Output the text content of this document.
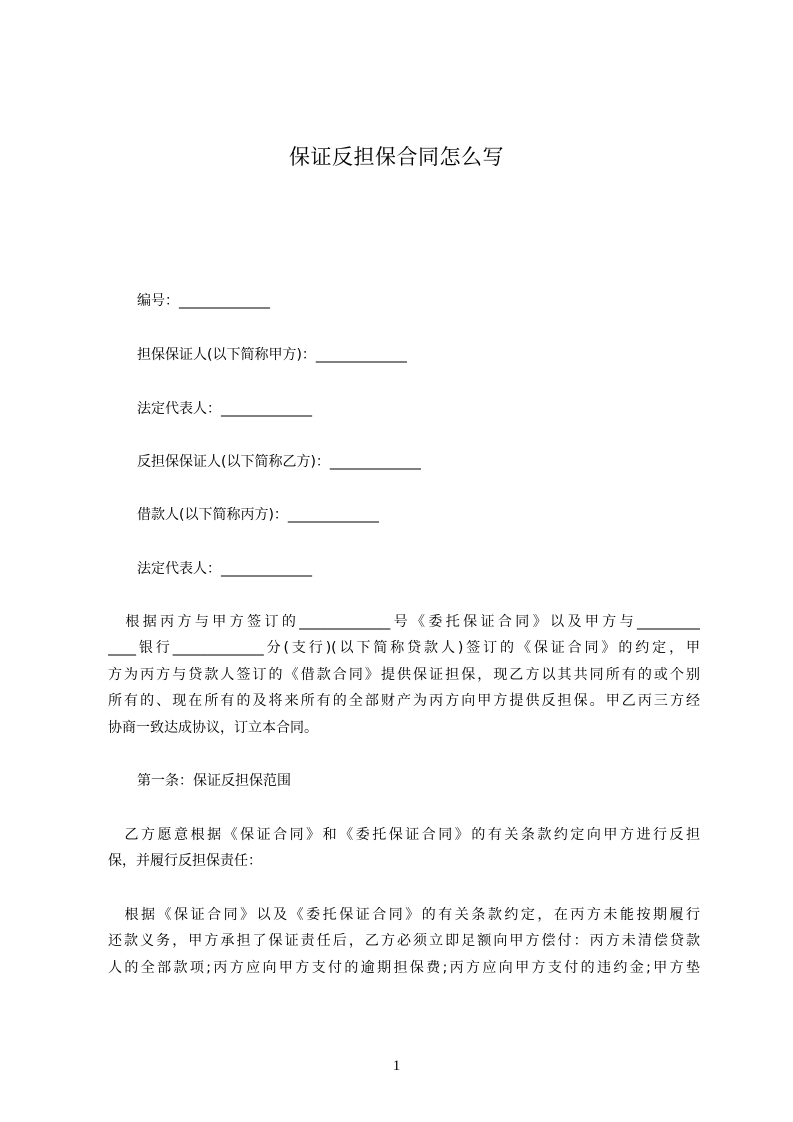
保证反担保合同怎么写
编号：_____________
担保保证人(以下简称甲方)：_____________
法定代表人：_____________
反担保保证人(以下简称乙方)：_____________
借款人(以下简称丙方)：_____________
法定代表人：_____________
　根据丙方与甲方签订的_____________号《委托保证合同》以及甲方与_________
____银行_____________分(支行)(以下简称贷款人)签订的《保证合同》的约定，甲
方为丙方与贷款人签订的《借款合同》提供保证担保，现乙方以其共同所有的或个别
所有的、现在所有的及将来所有的全部财产为丙方向甲方提供反担保。甲乙丙三方经
协商一致达成协议，订立本合同。
第一条：保证反担保范围
　乙方愿意根据《保证合同》和《委托保证合同》的有关条款约定向甲方进行反担
保，并履行反担保责任：
　根据《保证合同》以及《委托保证合同》的有关条款约定，在丙方未能按期履行
还款义务，甲方承担了保证责任后，乙方必须立即足额向甲方偿付：丙方未清偿贷款
人的全部款项;丙方应向甲方支付的逾期担保费;丙方应向甲方支付的违约金;甲方垫
1
